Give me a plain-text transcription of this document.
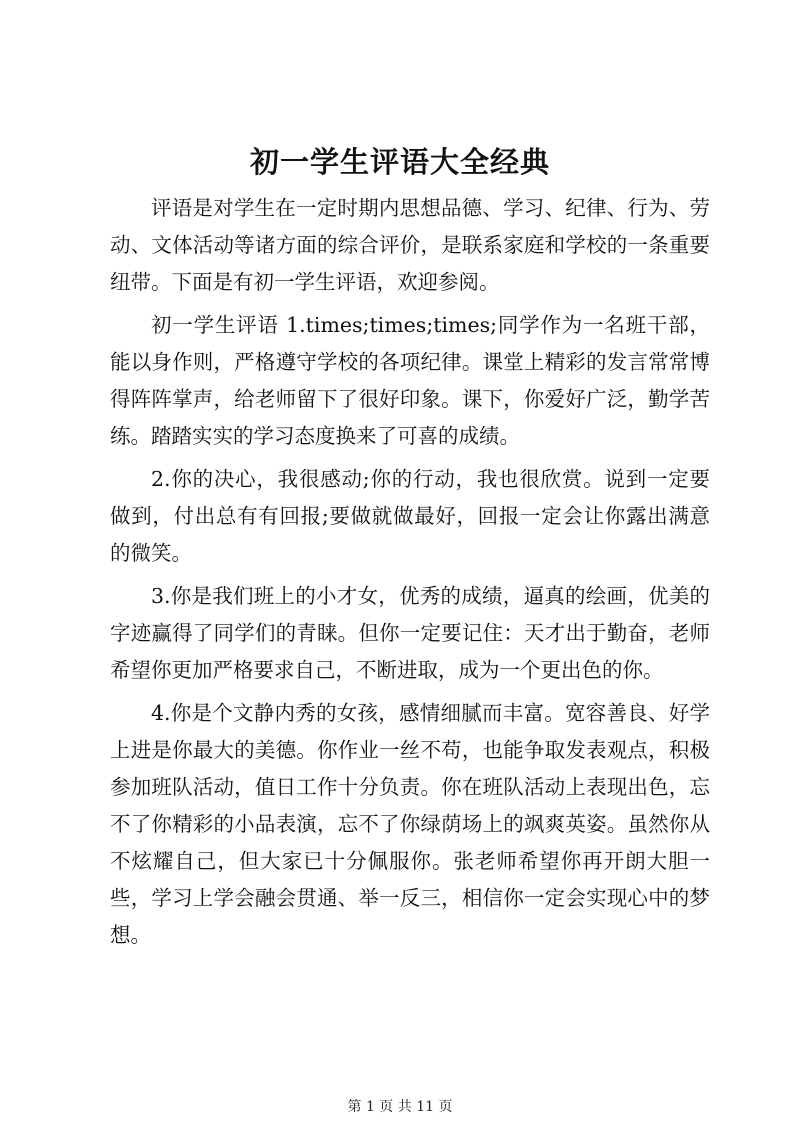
初一学生评语大全经典

评语是对学生在一定时期内思想品德、学习、纪律、行为、劳动、文体活动等诸方面的综合评价，是联系家庭和学校的一条重要纽带。下面是有初一学生评语，欢迎参阅。

初一学生评语 1.times;times;times;同学作为一名班干部，能以身作则，严格遵守学校的各项纪律。课堂上精彩的发言常常博得阵阵掌声，给老师留下了很好印象。课下，你爱好广泛，勤学苦练。踏踏实实的学习态度换来了可喜的成绩。

2.你的决心，我很感动;你的行动，我也很欣赏。说到一定要做到，付出总有有回报;要做就做最好，回报一定会让你露出满意的微笑。

3.你是我们班上的小才女，优秀的成绩，逼真的绘画，优美的字迹赢得了同学们的青睐。但你一定要记住：天才出于勤奋，老师希望你更加严格要求自己，不断进取，成为一个更出色的你。

4.你是个文静内秀的女孩，感情细腻而丰富。宽容善良、好学上进是你最大的美德。你作业一丝不苟，也能争取发表观点，积极参加班队活动，值日工作十分负责。你在班队活动上表现出色，忘不了你精彩的小品表演，忘不了你绿荫场上的飒爽英姿。虽然你从不炫耀自己，但大家已十分佩服你。张老师希望你再开朗大胆一些，学习上学会融会贯通、举一反三，相信你一定会实现心中的梦想。

第 1 页 共 11 页
